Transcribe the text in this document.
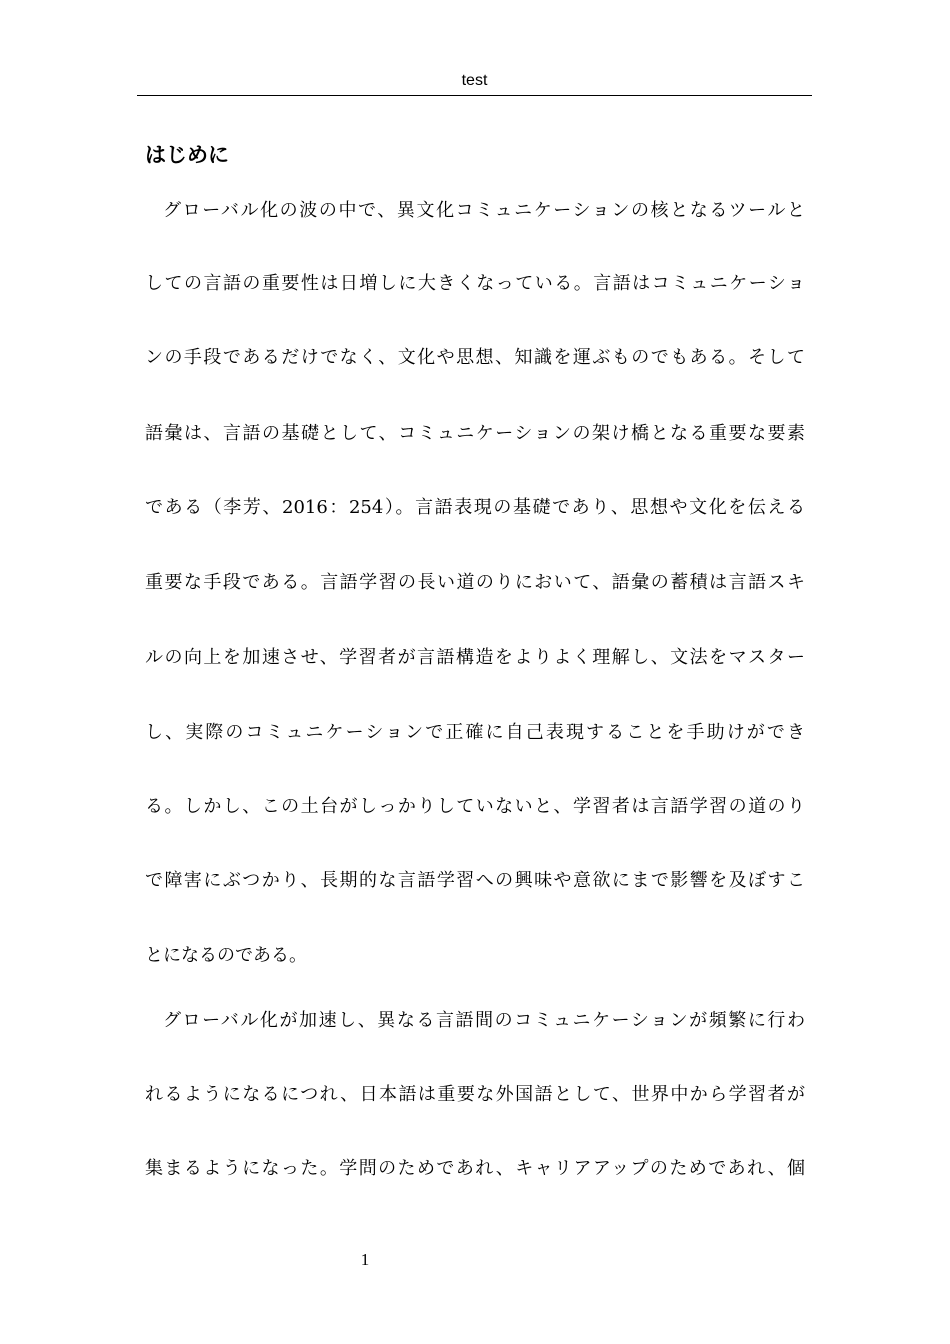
test
はじめに
グローバル化の波の中で、異文化コミュニケーションの核となるツールと
しての言語の重要性は日増しに大きくなっている。言語はコミュニケーショ
ンの手段であるだけでなく、文化や思想、知識を運ぶものでもある。そして
語彙は、言語の基礎として、コミュニケーションの架け橋となる重要な要素
である（李芳、2016：254）。言語表現の基礎であり、思想や文化を伝える
重要な手段である。言語学習の長い道のりにおいて、語彙の蓄積は言語スキ
ルの向上を加速させ、学習者が言語構造をよりよく理解し、文法をマスター
し、実際のコミュニケーションで正確に自己表現することを手助けができ
る。しかし、この土台がしっかりしていないと、学習者は言語学習の道のり
で障害にぶつかり、長期的な言語学習への興味や意欲にまで影響を及ぼすこ
とになるのである。
グローバル化が加速し、異なる言語間のコミュニケーションが頻繁に行わ
れるようになるにつれ、日本語は重要な外国語として、世界中から学習者が
集まるようになった。学問のためであれ、キャリアアップのためであれ、個
1
